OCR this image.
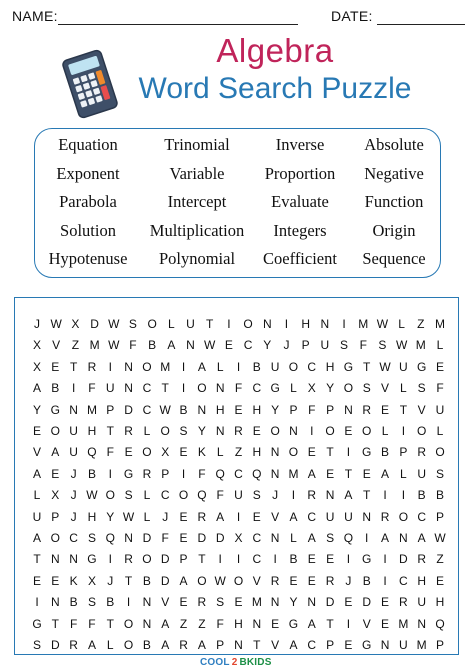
NAME:	DATE:
Algebra
Word Search Puzzle
Equation	Trinomial	Inverse Absolute
Exponent	Variable Proportion Negative
Parabola	Intercept	Evaluate Function
Solution Multiplication Integers	Origin
Hypotenuse Polynomial Coefficient Sequence
J W X D W S O L U T	I	O N	I	H N	I	M W L	Z M
X V Z M W F B A N W E C Y	J	P U S F S W M L
X E T R	I	N O M I	A L	I	B U O C H G T W U G E
A B	I	F U N C T	I O N F C G L X Y O S V L S F
Y G N M P D C W B N H E H Y P F P N R E T V U
E O U H T R L O S Y N R E O N	I O E O L	I O L
V A U Q F E O X E K L Z H N O E T	I G B P R O
A E J B	I G R P	I	F Q C Q N M A E T E A L U S
L X J W O S L C O Q F U S J	I	R N A T	I	I	B B
U P J H Y W L J E R A	I	E V A C U U N R O C P
A O C S Q N D F E D D X C N L A S Q I	A N A W
T N N G I	R O D P T	I	I	C	I	B E E	I G I	D R Z
E E K X J T B D A O W O V R E E R J B	I	C H E
I	N B S B	I	N V E R S E M N Y N D E D E R U H
G T F F T O N A Z Z F H N E G A T	I	V E M N Q
S D R A L O B A R A P N T V A C P E G N U M P
COOL 2 BKIDS
